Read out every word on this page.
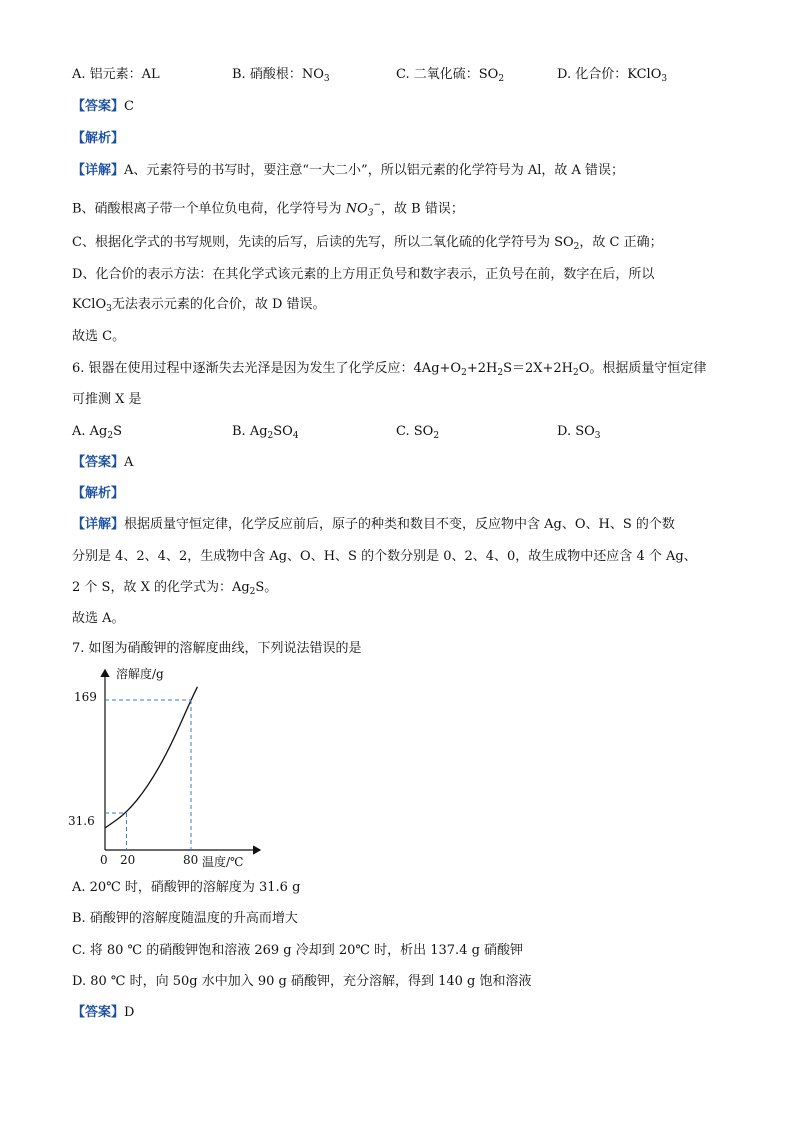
A. 铝元素：AL	B. 硝酸根：$NO_3$	C. 二氧化硫：$SO_2$	D. 化合价：KClO$_3$
【答案】C
【解析】
【详解】A、元素符号的书写时，要注意“一大二小”，所以铝元素的化学符号为 Al，故 A 错误；
B、硝酸根离子带一个单位负电荷，化学符号为 $NO_3^-$，故 B 错误；
C、根据化学式的书写规则，先读的后写，后读的先写，所以二氧化硫的化学符号为 $SO_2$，故 C 正确；
D、化合价的表示方法：在其化学式该元素的上方用正负号和数字表示，正负号在前，数字在后，所以
KClO$_3$无法表示元素的化合价，故 D 错误。
故选 C。
6. 银器在使用过程中逐渐失去光泽是因为发生了化学反应：$4Ag+O_2+2H_2S=2X+2H_2O$。根据质量守恒定律
可推测 X 是
A. $Ag_2S$	B. $Ag_2SO_4$	C. $SO_2$	D. $SO_3$
【答案】A
【解析】
【详解】根据质量守恒定律，化学反应前后，原子的种类和数目不变，反应物中含 Ag、O、H、S 的个数
分别是 4、2、4、2，生成物中含 Ag、O、H、S 的个数分别是 0、2、4、0，故生成物中还应含 4 个 Ag、
2 个 S，故 X 的化学式为：$Ag_2S$。
故选 A。
7. 如图为硝酸钾的溶解度曲线，下列说法错误的是
溶解度/g
温度/℃
0 20	80
31.6
169
A. 20℃ 时，硝酸钾的溶解度为 31.6 g
B. 硝酸钾的溶解度随温度的升高而增大
C. 将 80 ℃ 的硝酸钾饱和溶液 269 g 冷却到 20℃ 时，析出 137.4 g 硝酸钾
D. 80 ℃ 时，向 50g 水中加入 90 g 硝酸钾，充分溶解，得到 140 g 饱和溶液
【答案】D
